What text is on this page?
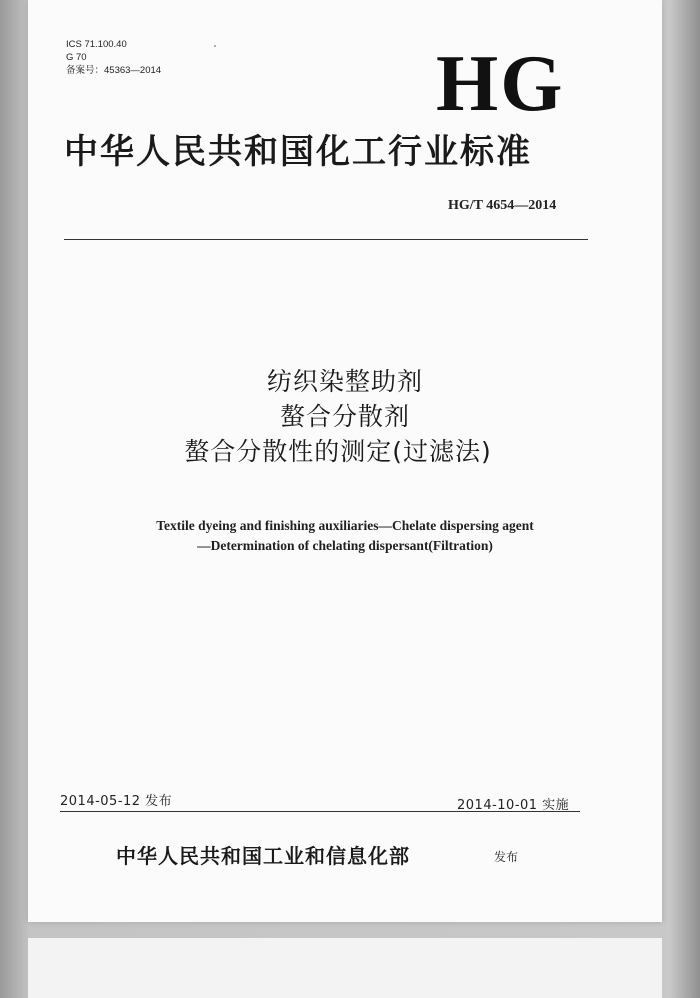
ICS 71.100.40
G 70
备案号：45363—2014	HG
中华人民共和国化工行业标准
HG/T 4654—2014
纺织染整助剂
螯合分散剂
螯合分散性的测定(过滤法)
Textile dyeing and finishing auxiliaries—Chelate dispersing agent
—Determination of chelating dispersant(Filtration)
2014-05-12 发布	2014-10-01 实施
中华人民共和国工业和信息化部	发布
